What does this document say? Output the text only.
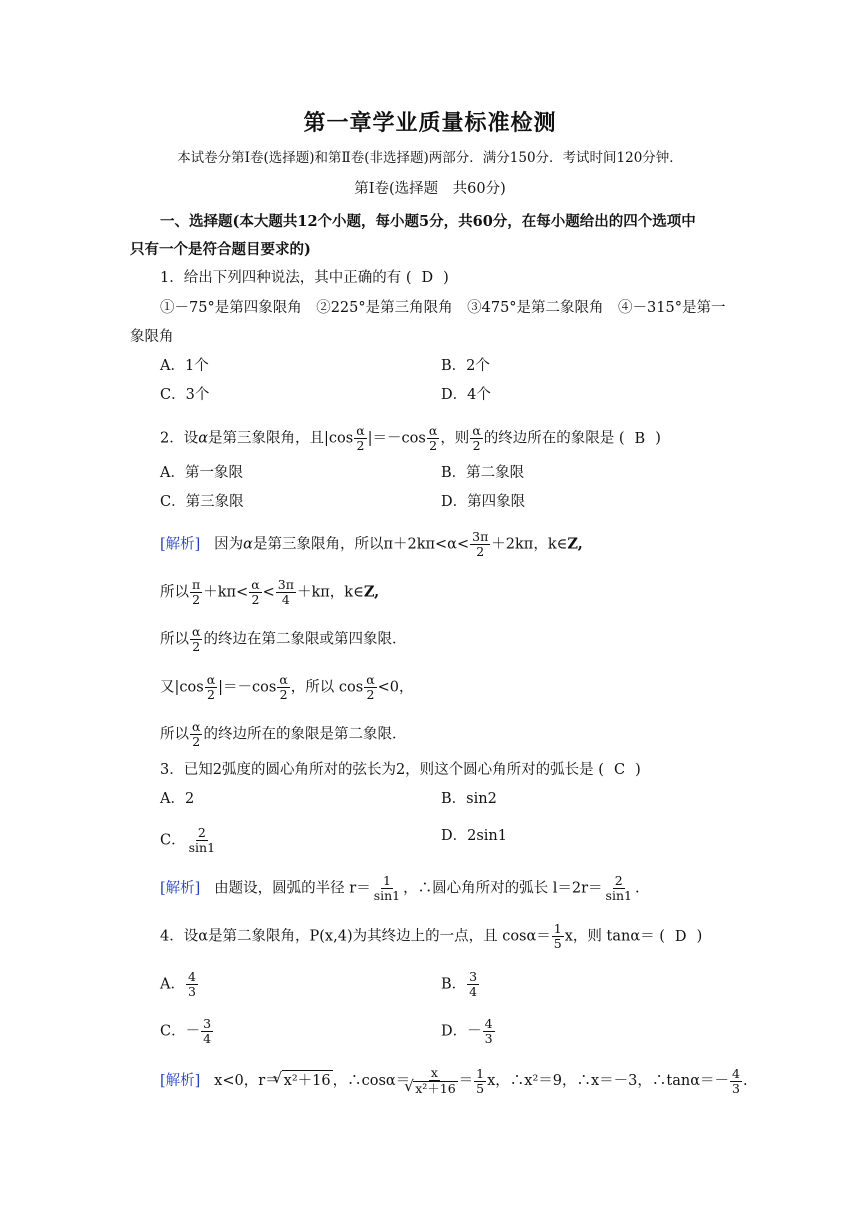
第一章学业质量标准检测
本试卷分第Ⅰ卷(选择题)和第Ⅱ卷(非选择题)两部分．满分150分．考试时间120分钟．
第Ⅰ卷(选择题　共60分)
一、选择题(本大题共12个小题，每小题5分，共60分，在每小题给出的四个选项中
只有一个是符合题目要求的)
1．给出下列四种说法，其中正确的有 ( D )
①－75°是第四象限角　②225°是第三角限角　③475°是第二象限角　④－315°是第一
象限角
A．1个	B．2个
C．3个	D．4个
2．设α是第三象限角，且$|\cos \frac{\alpha}{2} |=-\cos \frac{\alpha}{2}$ ，则 $\frac{\alpha}{2}$ 的终边所在的象限是 ( B )
A．第一象限	B．第二象限
C．第三象限	D．第四象限
[解析] 因为α是第三象限角，所以$\pi+2k\pi<\alpha< \frac{3\pi}{2} +2k\pi$，k∈Z,
所以 $\frac{\pi}{2} +k\pi< \frac{\alpha}{2} < \frac{3\pi}{4} +k\pi$，k∈Z,
所以 $\frac{\alpha}{2}$ 的终边在第二象限或第四象限．
又$|\cos \frac{\alpha}{2} |=-\cos \frac{\alpha}{2}$ ，所以 $\cos \frac{\alpha}{2} <0$，
所以 $\frac{\alpha}{2}$ 的终边所在的象限是第二象限．
3．已知2弧度的圆心角所对的弦长为2，则这个圆心角所对的弧长是 ( C )
A．2	B．sin2
C． $\frac{2}{\sin 1}$	D．2sin1
[解析] 由题设，圆弧的半径 $r= \frac{1}{\sin 1}$ ，∴圆心角所对的弧长 $l=2r= \frac{2}{\sin 1}$ .
4．设α是第二象限角，P(x,4)为其终边上的一点，且 $\cos\alpha= \frac{1}{5}$ x，则 tanα＝ ( D )
A． $\frac{4}{3}$	B． $\frac{3}{4}$
C．－ $\frac{3}{4}$	D．－ $\frac{4}{3}$
[解析] x<0，r＝√ x²＋16 ，∴cosα＝ x
√ $x^2+16 = \frac{1}{5}$ x，∴x²＝9，∴x＝－3，∴tanα＝－ $\frac{4}{3}$ .
